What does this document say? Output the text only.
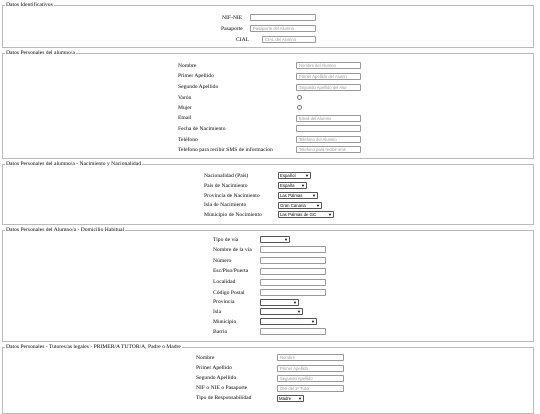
Datos Identificativos
NIF-NIE
Pasaporte	Pasaporte del Alumno
CIAL	CIAL del Alumno
Datos Personales del alumno/a
Nombre	Nombre del Alumno
Primer Apellido	Primer Apellido del Alumn
Segundo Apellido	Segundo Apellido del Alur
Varón
Mujer
Email	Email del Alumno
Fecha de Nacimiento
Teléfono	Telefono del Alumno
Teléfono para recibir SMS de informacion	Telefono para recibir sms
Datos Personales del alumno/a - Nacimiento y Nacionalidad
Nacionalidad (País)	Español ▼
País de Nacimiento	España ▼
Provincia de Nacimiento	Las Palmas ▼
Isla de Nacimiento	Gran Canaria	▼
Municipio de Nocimiento	Las Palmas de GC	▼
Datos Personales del Alumno/a - Domicilio Habitual
Tipo de vía	▼
Nombre de la vía
Número
Esc/Piso/Puerta
Localidad
Código Postal
Provincia	▼
Isla	▼
Municipio	▼
Barrio
Datos Personales - Tutores/as legales - PRIMER/A TUTOR/A, Padre o Madre
Nombre	Nombre
Primer Apellido	Primer Apellido
Segundo Apellido	Segundo Apellido
NIF o NIE o Pasaporte	DNI del 1º Tutor
Tipo de Responsabilidad	Madre ▼
